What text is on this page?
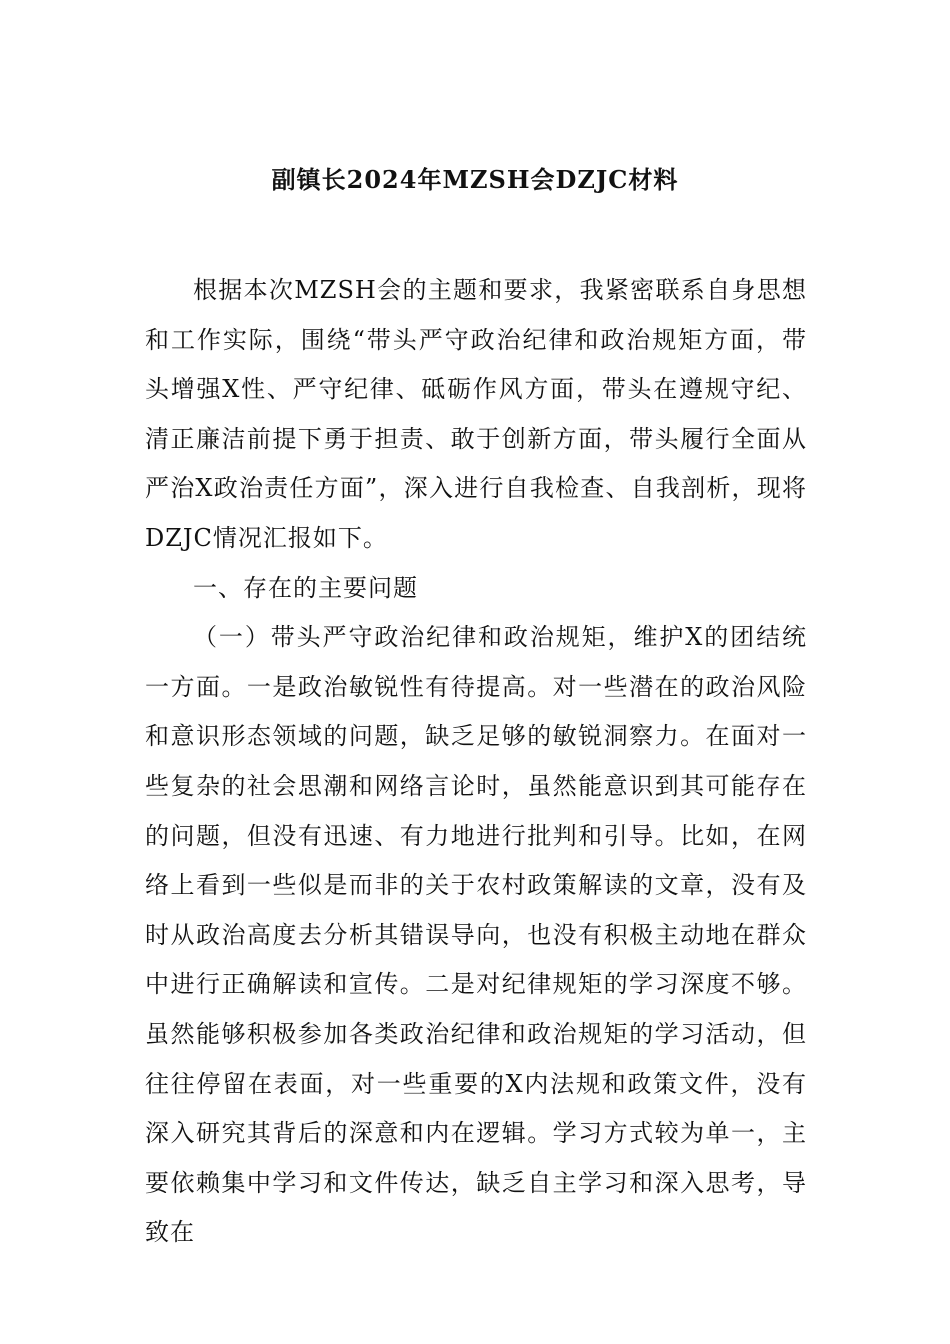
副镇长2024年MZSH会DZJC材料

根据本次MZSH会的主题和要求，我紧密联系自身思想和工作实际，围绕“带头严守政治纪律和政治规矩方面，带头增强X性、严守纪律、砥砺作风方面，带头在遵规守纪、清正廉洁前提下勇于担责、敢于创新方面，带头履行全面从严治X政治责任方面”，深入进行自我检查、自我剖析，现将DZJC情况汇报如下。

一、存在的主要问题

（一）带头严守政治纪律和政治规矩，维护X的团结统一方面。一是政治敏锐性有待提高。对一些潜在的政治风险和意识形态领域的问题，缺乏足够的敏锐洞察力。在面对一些复杂的社会思潮和网络言论时，虽然能意识到其可能存在的问题，但没有迅速、有力地进行批判和引导。比如，在网络上看到一些似是而非的关于农村政策解读的文章，没有及时从政治高度去分析其错误导向，也没有积极主动地在群众中进行正确解读和宣传。二是对纪律规矩的学习深度不够。虽然能够积极参加各类政治纪律和政治规矩的学习活动，但往往停留在表面，对一些重要的X内法规和政策文件，没有深入研究其背后的深意和内在逻辑。学习方式较为单一，主要依赖集中学习和文件传达，缺乏自主学习和深入思考，导致在
